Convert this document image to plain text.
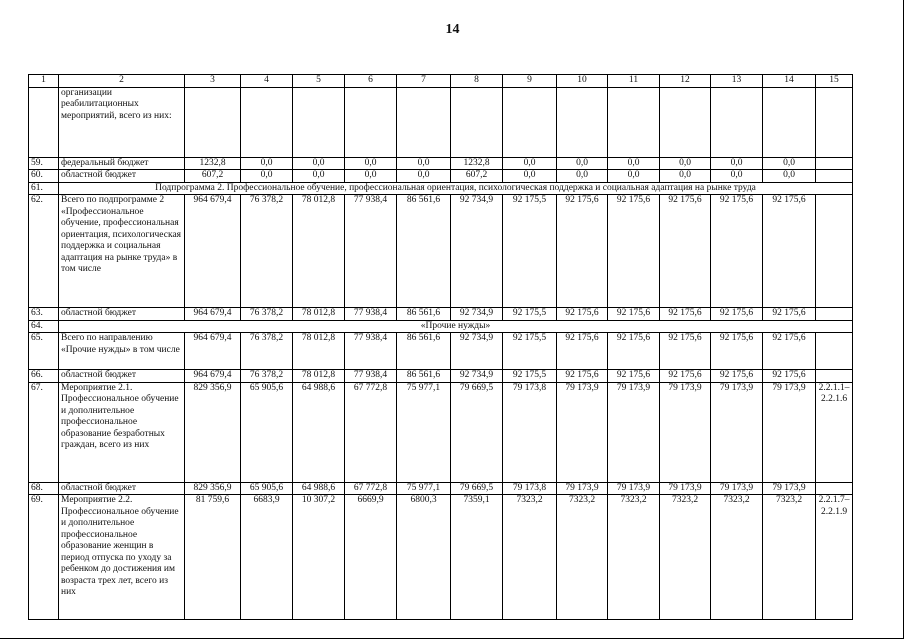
14
1	2	3	4	5	6	7	8	9	10	11	12	13	14	15
	организации реабилитационных мероприятий, всего из них:													
59.	федеральный бюджет	1232,8	0,0	0,0	0,0	0,0	1232,8	0,0	0,0	0,0	0,0	0,0	0,0	
60.	областной бюджет	607,2	0,0	0,0	0,0	0,0	607,2	0,0	0,0	0,0	0,0	0,0	0,0	
61.	Подпрограмма 2. Профессиональное обучение, профессиональная ориентация, психологическая поддержка и социальная адаптация на рынке труда													
62.	Всего по подпрограмме 2 «Профессиональное обучение, профессиональная ориентация, психологическая поддержка и социальная адаптация на рынке труда» в том числе	964 679,4	76 378,2	78 012,8	77 938,4	86 561,6	92 734,9	92 175,5	92 175,6	92 175,6	92 175,6	92 175,6	92 175,6	
63.	областной бюджет	964 679,4	76 378,2	78 012,8	77 938,4	86 561,6	92 734,9	92 175,5	92 175,6	92 175,6	92 175,6	92 175,6	92 175,6	
64.	«Прочие нужды»													
65.	Всего по направлению «Прочие нужды» в том числе	964 679,4	76 378,2	78 012,8	77 938,4	86 561,6	92 734,9	92 175,5	92 175,6	92 175,6	92 175,6	92 175,6	92 175,6	
66.	областной бюджет	964 679,4	76 378,2	78 012,8	77 938,4	86 561,6	92 734,9	92 175,5	92 175,6	92 175,6	92 175,6	92 175,6	92 175,6	
67.	Мероприятие 2.1. Профессиональное обучение и дополнительное профессиональное образование безработных граждан, всего из них	829 356,9	65 905,6	64 988,6	67 772,8	75 977,1	79 669,5	79 173,8	79 173,9	79 173,9	79 173,9	79 173,9	79 173,9	2.2.1.1–2.2.1.6
68.	областной бюджет	829 356,9	65 905,6	64 988,6	67 772,8	75 977,1	79 669,5	79 173,8	79 173,9	79 173,9	79 173,9	79 173,9	79 173,9	
69.	Мероприятие 2.2. Профессиональное обучение и дополнительное профессиональное образование женщин в период отпуска по уходу за ребенком до достижения им возраста трех лет, всего из них	81 759,6	6683,9	10 307,2	6669,9	6800,3	7359,1	7323,2	7323,2	7323,2	7323,2	7323,2	7323,2	2.2.1.7–2.2.1.9
